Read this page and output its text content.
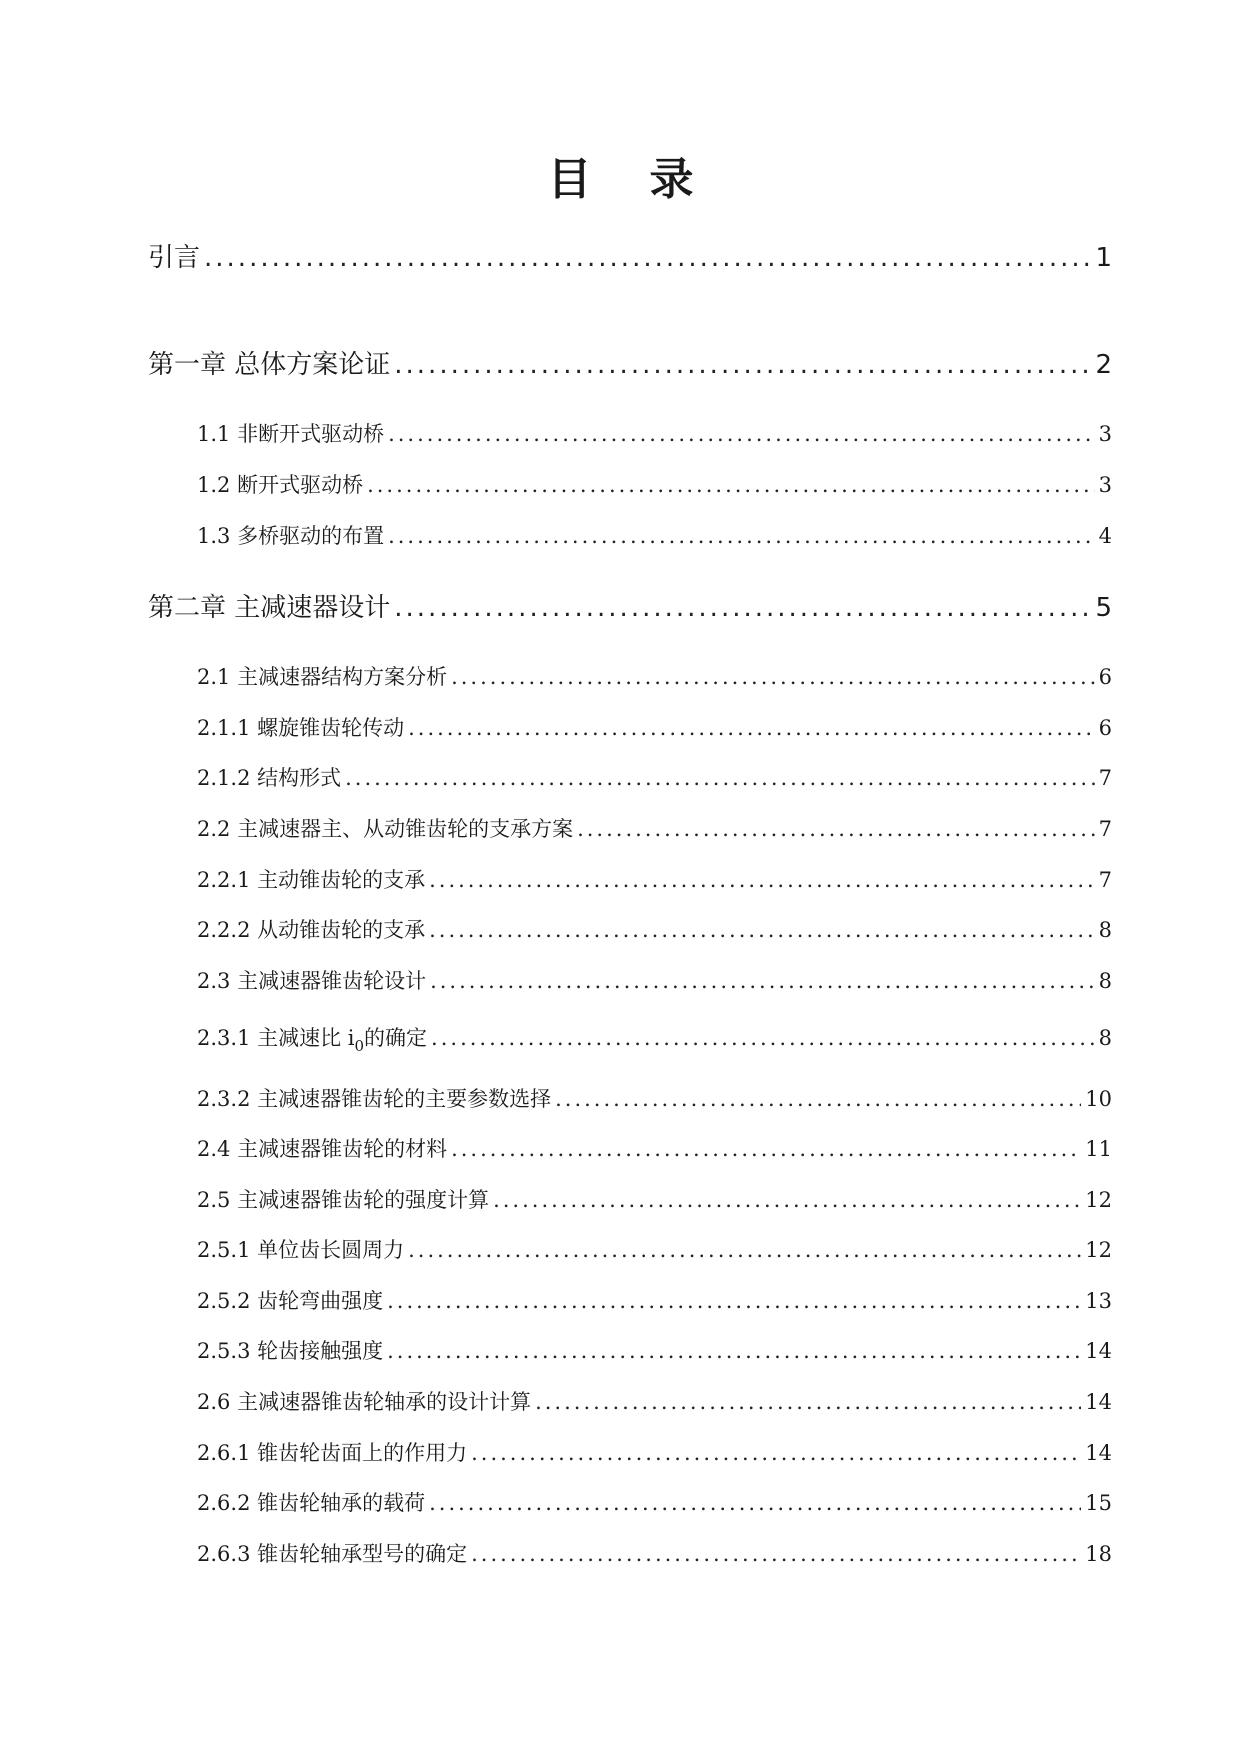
目录
引言 .....	1
第一章 总体方案论证 .....	2
1.1 非断开式驱动桥 .....	3
1.2 断开式驱动桥 .....	3
1.3 多桥驱动的布置 .....	4
第二章 主减速器设计 .....	5
2.1 主减速器结构方案分析 .....	6
2.1.1 螺旋锥齿轮传动 .....	6
2.1.2 结构形式 .....	7
2.2 主减速器主、从动锥齿轮的支承方案 .....	7
2.2.1 主动锥齿轮的支承 .....	7
2.2.2 从动锥齿轮的支承 .....	8
2.3 主减速器锥齿轮设计 .....	8
2.3.1 主减速比 $i_0$的确定 .....	8
2.3.2 主减速器锥齿轮的主要参数选择 .....	10
2.4 主减速器锥齿轮的材料 .....	11
2.5 主减速器锥齿轮的强度计算 .....	12
2.5.1 单位齿长圆周力 .....	12
2.5.2 齿轮弯曲强度 .....	13
2.5.3 轮齿接触强度 .....	14
2.6 主减速器锥齿轮轴承的设计计算 .....	14
2.6.1 锥齿轮齿面上的作用力 .....	14
2.6.2 锥齿轮轴承的载荷 .....	15
2.6.3 锥齿轮轴承型号的确定 .....	18
